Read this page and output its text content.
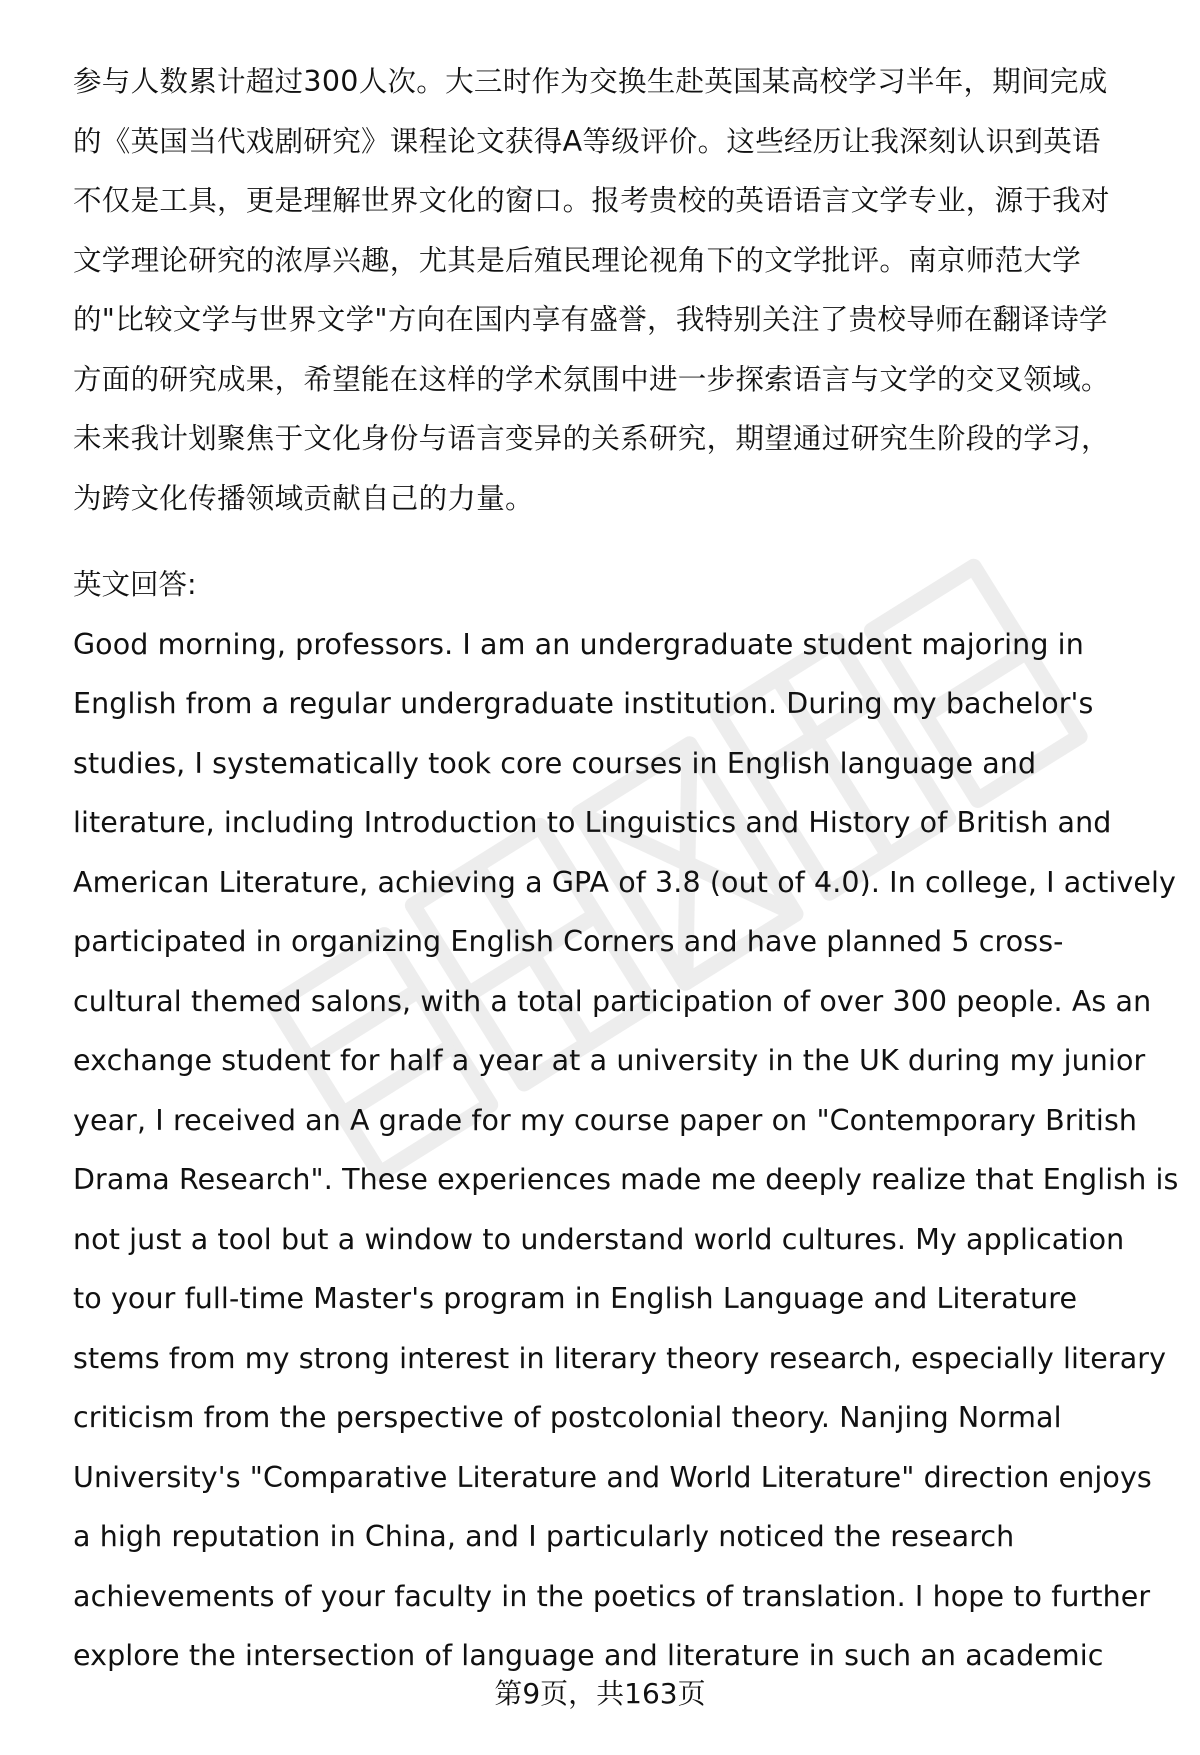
参与人数累计超过300人次。大三时作为交换生赴英国某高校学习半年，期间完成
的《英国当代戏剧研究》课程论文获得A等级评价。这些经历让我深刻认识到英语
不仅是工具，更是理解世界文化的窗口。报考贵校的英语语言文学专业，源于我对
文学理论研究的浓厚兴趣，尤其是后殖民理论视角下的文学批评。南京师范大学
的"比较文学与世界文学"方向在国内享有盛誉，我特别关注了贵校导师在翻译诗学
方面的研究成果，希望能在这样的学术氛围中进一步探索语言与文学的交叉领域。
未来我计划聚焦于文化身份与语言变异的关系研究，期望通过研究生阶段的学习，
为跨文化传播领域贡献自己的力量。
英文回答:
Good morning, professors. I am an undergraduate student majoring in
English from a regular undergraduate institution. During my bachelor's
studies, I systematically took core courses in English language and
literature, including Introduction to Linguistics and History of British and
American Literature, achieving a GPA of 3.8 (out of 4.0). In college, I actively
participated in organizing English Corners and have planned 5 cross-
cultural themed salons, with a total participation of over 300 people. As an
exchange student for half a year at a university in the UK during my junior
year, I received an A grade for my course paper on "Contemporary British
Drama Research". These experiences made me deeply realize that English is
not just a tool but a window to understand world cultures. My application
to your full-time Master's program in English Language and Literature
stems from my strong interest in literary theory research, especially literary
criticism from the perspective of postcolonial theory. Nanjing Normal
University's "Comparative Literature and World Literature" direction enjoys
a high reputation in China, and I particularly noticed the research
achievements of your faculty in the poetics of translation. I hope to further
explore the intersection of language and literature in such an academic
第9页，共163页
